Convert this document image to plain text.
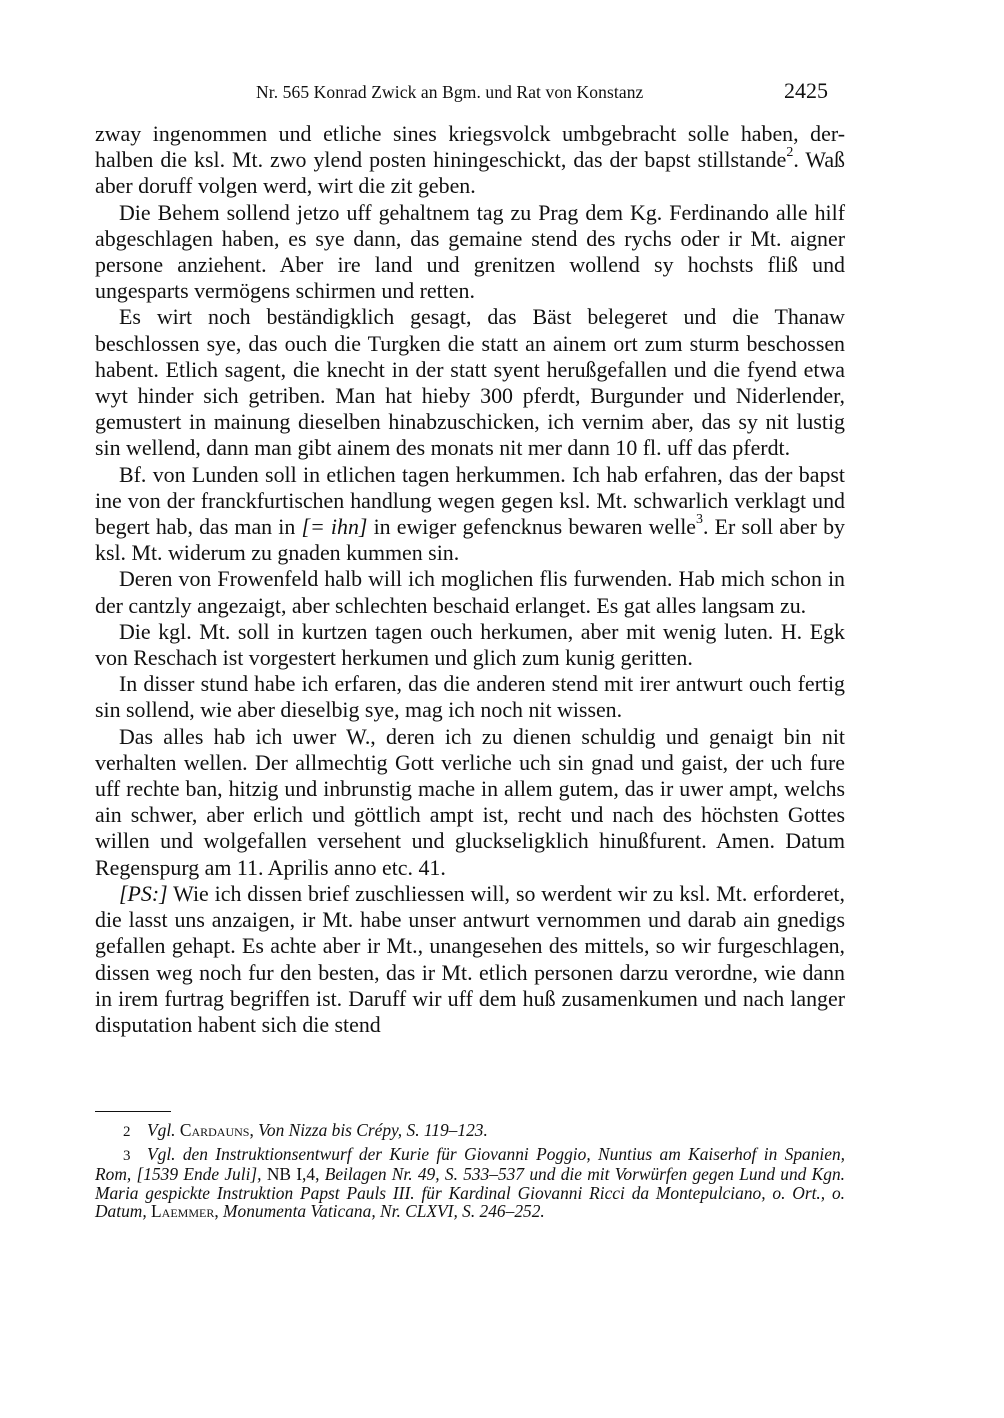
Nr. 565 Konrad Zwick an Bgm. und Rat von Konstanz	2425

zway ingenommen und etliche sines kriegsvolck umbgebracht solle haben, der-halben die ksl. Mt. zwo ylend posten hiningeschickt, das der bapst stillstande$^2$. Waß aber doruff volgen werd, wirt die zit geben.

Die Behem sollend jetzo uff gehaltnem tag zu Prag dem Kg. Ferdinando alle hilf abgeschlagen haben, es sye dann, das gemaine stend des rychs oder ir Mt. aigner persone anziehent. Aber ire land und grenitzen wollend sy hochsts fliß und ungesparts vermögens schirmen und retten.

Es wirt noch beständigklich gesagt, das Bäst belegeret und die Thanaw beschlossen sye, das ouch die Turgken die statt an ainem ort zum sturm beschossen habent. Etlich sagent, die knecht in der statt syent herußgefallen und die fyend etwa wyt hinder sich getriben. Man hat hieby 300 pferdt, Burgunder und Niderlender, gemustert in mainung dieselben hinabzuschicken, ich vernim aber, das sy nit lustig sin wellend, dann man gibt ainem des monats nit mer dann 10 fl. uff das pferdt.

Bf. von Lunden soll in etlichen tagen herkummen. Ich hab erfahren, das der bapst ine von der franckfurtischen handlung wegen gegen ksl. Mt. schwarlich verklagt und begert hab, das man in [= ihn] in ewiger gefencknus bewaren welle$^3$. Er soll aber by ksl. Mt. widerum zu gnaden kummen sin.

Deren von Frowenfeld halb will ich moglichen flis furwenden. Hab mich schon in der cantzly angezaigt, aber schlechten beschaid erlanget. Es gat alles langsam zu.

Die kgl. Mt. soll in kurtzen tagen ouch herkumen, aber mit wenig luten. H. Egk von Reschach ist vorgestert herkumen und glich zum kunig geritten.

In disser stund habe ich erfaren, das die anderen stend mit irer antwurt ouch fertig sin sollend, wie aber dieselbig sye, mag ich noch nit wissen.

Das alles hab ich uwer W., deren ich zu dienen schuldig und genaigt bin nit verhalten wellen. Der allmechtig Gott verliche uch sin gnad und gaist, der uch fure uff rechte ban, hitzig und inbrunstig mache in allem gutem, das ir uwer ampt, welchs ain schwer, aber erlich und göttlich ampt ist, recht und nach des höchsten Gottes willen und wolgefallen versehent und gluckseligklich hinußfurent. Amen. Datum Regenspurg am 11. Aprilis anno etc. 41.

[PS:] Wie ich dissen brief zuschliessen will, so werdent wir zu ksl. Mt. erforderet, die lasst uns anzaigen, ir Mt. habe unser antwurt vernommen und darab ain gnedigs gefallen gehapt. Es achte aber ir Mt., unangesehen des mittels, so wir furgeschlagen, dissen weg noch fur den besten, das ir Mt. etlich personen darzu verordne, wie dann in irem furtrag begriffen ist. Daruff wir uff dem huß zusamenkumen und nach langer disputation habent sich die stend

2 Vgl. Cardauns, Von Nizza bis Crépy, S. 119–123.

3 Vgl. den Instruktionsentwurf der Kurie für Giovanni Poggio, Nuntius am Kaiserhof in Spanien, Rom, [1539 Ende Juli], NB I,4, Beilagen Nr. 49, S. 533–537 und die mit Vorwürfen gegen Lund und Kgn. Maria gespickte Instruktion Papst Pauls III. für Kardinal Giovanni Ricci da Montepulciano, o. Ort., o. Datum, Laemmer, Monumenta Vaticana, Nr. CLXVI, S. 246–252.
